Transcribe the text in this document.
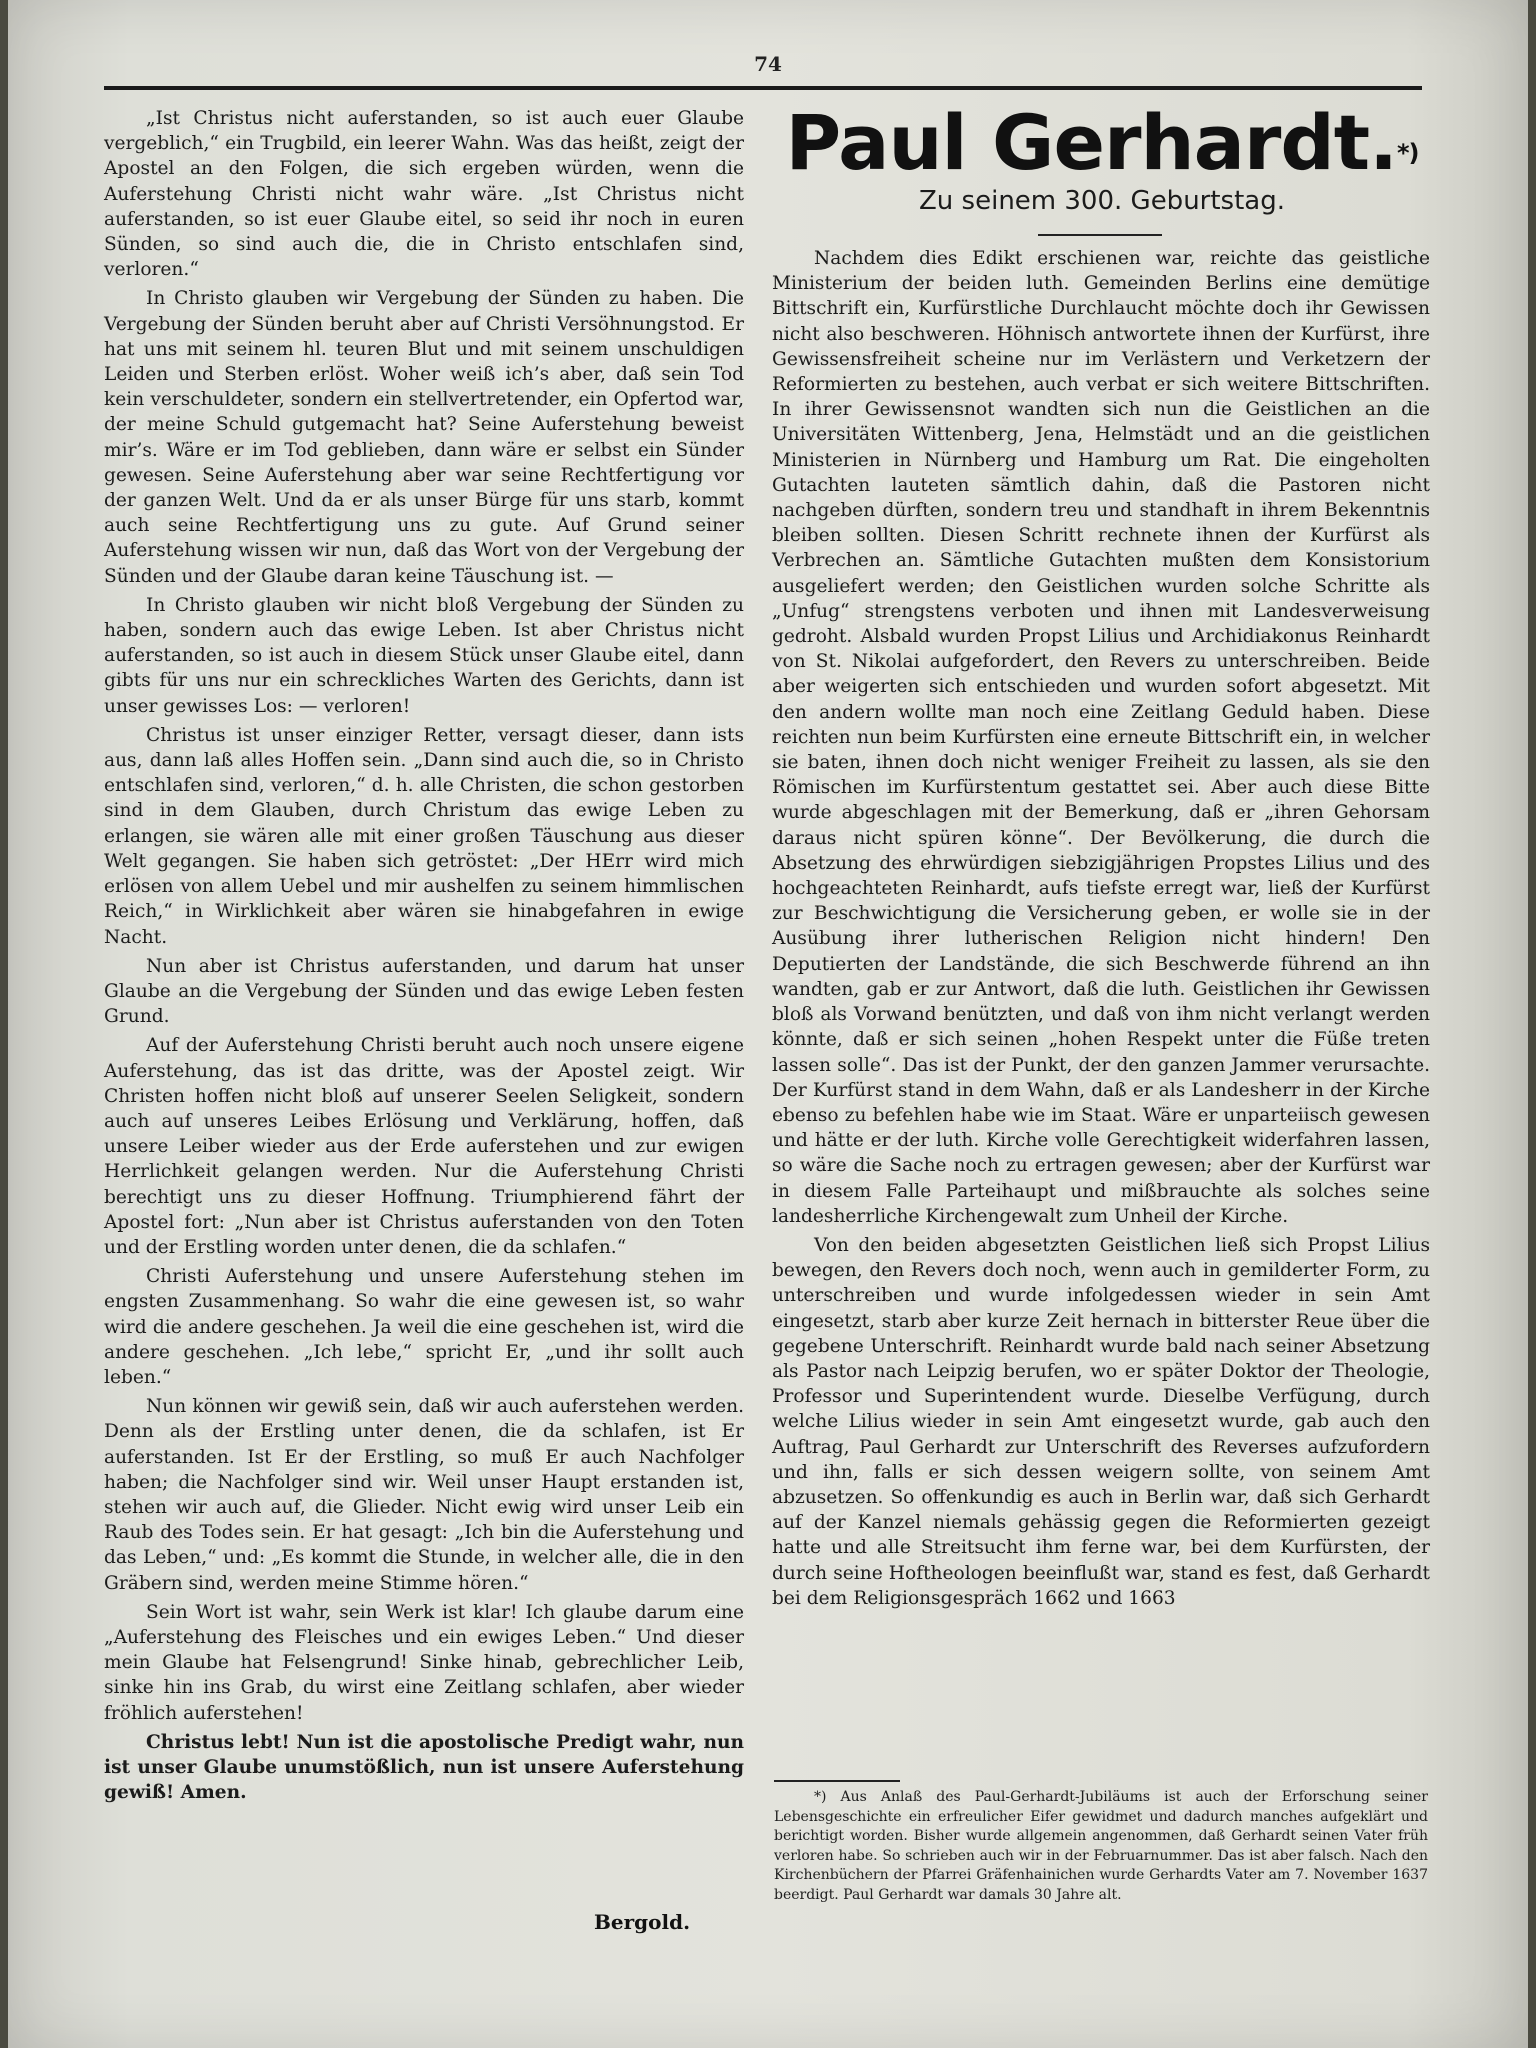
74

„Ist Christus nicht auferstanden, so ist auch euer Glaube vergeblich,“ ein Trugbild, ein leerer Wahn. Was das heißt, zeigt der Apostel an den Folgen, die sich ergeben würden, wenn die Auferstehung Christi nicht wahr wäre. „Ist Christus nicht auferstanden, so ist euer Glaube eitel, so seid ihr noch in euren Sünden, so sind auch die, die in Christo entschlafen sind, verloren.“

In Christo glauben wir Vergebung der Sünden zu haben. Die Vergebung der Sünden beruht aber auf Christi Versöhnungstod. Er hat uns mit seinem hl. teuren Blut und mit seinem unschuldigen Leiden und Sterben erlöst. Woher weiß ich’s aber, daß sein Tod kein verschuldeter, sondern ein stellvertretender, ein Opfertod war, der meine Schuld gutgemacht hat? Seine Auferstehung beweist mir’s. Wäre er im Tod geblieben, dann wäre er selbst ein Sünder gewesen. Seine Auferstehung aber war seine Rechtfertigung vor der ganzen Welt. Und da er als unser Bürge für uns starb, kommt auch seine Rechtfertigung uns zu gute. Auf Grund seiner Auferstehung wissen wir nun, daß das Wort von der Vergebung der Sünden und der Glaube daran keine Täuschung ist. —

In Christo glauben wir nicht bloß Vergebung der Sünden zu haben, sondern auch das ewige Leben. Ist aber Christus nicht auferstanden, so ist auch in diesem Stück unser Glaube eitel, dann gibts für uns nur ein schreckliches Warten des Gerichts, dann ist unser gewisses Los: — verloren!

Christus ist unser einziger Retter, versagt dieser, dann ists aus, dann laß alles Hoffen sein. „Dann sind auch die, so in Christo entschlafen sind, verloren,“ d. h. alle Christen, die schon gestorben sind in dem Glauben, durch Christum das ewige Leben zu erlangen, sie wären alle mit einer großen Täuschung aus dieser Welt gegangen. Sie haben sich getröstet: „Der HErr wird mich erlösen von allem Uebel und mir aushelfen zu seinem himmlischen Reich,“ in Wirklichkeit aber wären sie hinabgefahren in ewige Nacht.

Nun aber ist Christus auferstanden, und darum hat unser Glaube an die Vergebung der Sünden und das ewige Leben festen Grund.

Auf der Auferstehung Christi beruht auch noch unsere eigene Auferstehung, das ist das dritte, was der Apostel zeigt. Wir Christen hoffen nicht bloß auf unserer Seelen Seligkeit, sondern auch auf unseres Leibes Erlösung und Verklärung, hoffen, daß unsere Leiber wieder aus der Erde auferstehen und zur ewigen Herrlichkeit gelangen werden. Nur die Auferstehung Christi berechtigt uns zu dieser Hoffnung. Triumphierend fährt der Apostel fort: „Nun aber ist Christus auferstanden von den Toten und der Erstling worden unter denen, die da schlafen.“

Christi Auferstehung und unsere Auferstehung stehen im engsten Zusammenhang. So wahr die eine gewesen ist, so wahr wird die andere geschehen. Ja weil die eine geschehen ist, wird die andere geschehen. „Ich lebe,“ spricht Er, „und ihr sollt auch leben.“

Nun können wir gewiß sein, daß wir auch auferstehen werden. Denn als der Erstling unter denen, die da schlafen, ist Er auferstanden. Ist Er der Erstling, so muß Er auch Nachfolger haben; die Nachfolger sind wir. Weil unser Haupt erstanden ist, stehen wir auch auf, die Glieder. Nicht ewig wird unser Leib ein Raub des Todes sein. Er hat gesagt: „Ich bin die Auferstehung und das Leben,“ und: „Es kommt die Stunde, in welcher alle, die in den Gräbern sind, werden meine Stimme hören.“

Sein Wort ist wahr, sein Werk ist klar! Ich glaube darum eine „Auferstehung des Fleisches und ein ewiges Leben.“ Und dieser mein Glaube hat Felsengrund! Sinke hinab, gebrechlicher Leib, sinke hin ins Grab, du wirst eine Zeitlang schlafen, aber wieder fröhlich auferstehen!

Christus lebt! Nun ist die apostolische Predigt wahr, nun ist unser Glaube unumstößlich, nun ist unsere Auferstehung gewiß! Amen.

Bergold.
Paul Gerhardt.*)
Zu seinem 300. Geburtstag.

Nachdem dies Edikt erschienen war, reichte das geistliche Ministerium der beiden luth. Gemeinden Berlins eine demütige Bittschrift ein, Kurfürstliche Durchlaucht möchte doch ihr Gewissen nicht also beschweren. Höhnisch antwortete ihnen der Kurfürst, ihre Gewissensfreiheit scheine nur im Verlästern und Verketzern der Reformierten zu bestehen, auch verbat er sich weitere Bittschriften. In ihrer Gewissensnot wandten sich nun die Geistlichen an die Universitäten Wittenberg, Jena, Helmstädt und an die geistlichen Ministerien in Nürnberg und Hamburg um Rat. Die eingeholten Gutachten lauteten sämtlich dahin, daß die Pastoren nicht nachgeben dürften, sondern treu und standhaft in ihrem Bekenntnis bleiben sollten. Diesen Schritt rechnete ihnen der Kurfürst als Verbrechen an. Sämtliche Gutachten mußten dem Konsistorium ausgeliefert werden; den Geistlichen wurden solche Schritte als „Unfug“ strengstens verboten und ihnen mit Landesverweisung gedroht. Alsbald wurden Propst Lilius und Archidiakonus Reinhardt von St. Nikolai aufgefordert, den Revers zu unterschreiben. Beide aber weigerten sich entschieden und wurden sofort abgesetzt. Mit den andern wollte man noch eine Zeitlang Geduld haben. Diese reichten nun beim Kurfürsten eine erneute Bittschrift ein, in welcher sie baten, ihnen doch nicht weniger Freiheit zu lassen, als sie den Römischen im Kurfürstentum gestattet sei. Aber auch diese Bitte wurde abgeschlagen mit der Bemerkung, daß er „ihren Gehorsam daraus nicht spüren könne“. Der Bevölkerung, die durch die Absetzung des ehrwürdigen siebzigjährigen Propstes Lilius und des hochgeachteten Reinhardt, aufs tiefste erregt war, ließ der Kurfürst zur Beschwichtigung die Versicherung geben, er wolle sie in der Ausübung ihrer lutherischen Religion nicht hindern! Den Deputierten der Landstände, die sich Beschwerde führend an ihn wandten, gab er zur Antwort, daß die luth. Geistlichen ihr Gewissen bloß als Vorwand benützten, und daß von ihm nicht verlangt werden könnte, daß er sich seinen „hohen Respekt unter die Füße treten lassen solle“. Das ist der Punkt, der den ganzen Jammer verursachte. Der Kurfürst stand in dem Wahn, daß er als Landesherr in der Kirche ebenso zu befehlen habe wie im Staat. Wäre er unparteiisch gewesen und hätte er der luth. Kirche volle Gerechtigkeit widerfahren lassen, so wäre die Sache noch zu ertragen gewesen; aber der Kurfürst war in diesem Falle Parteihaupt und mißbrauchte als solches seine landesherrliche Kirchengewalt zum Unheil der Kirche.

Von den beiden abgesetzten Geistlichen ließ sich Propst Lilius bewegen, den Revers doch noch, wenn auch in gemilderter Form, zu unterschreiben und wurde infolgedessen wieder in sein Amt eingesetzt, starb aber kurze Zeit hernach in bitterster Reue über die gegebene Unterschrift. Reinhardt wurde bald nach seiner Absetzung als Pastor nach Leipzig berufen, wo er später Doktor der Theologie, Professor und Superintendent wurde. Dieselbe Verfügung, durch welche Lilius wieder in sein Amt eingesetzt wurde, gab auch den Auftrag, Paul Gerhardt zur Unterschrift des Reverses aufzufordern und ihn, falls er sich dessen weigern sollte, von seinem Amt abzusetzen. So offenkundig es auch in Berlin war, daß sich Gerhardt auf der Kanzel niemals gehässig gegen die Reformierten gezeigt hatte und alle Streitsucht ihm ferne war, bei dem Kurfürsten, der durch seine Hoftheologen beeinflußt war, stand es fest, daß Gerhardt bei dem Religionsgespräch 1662 und 1663

*) Aus Anlaß des Paul-Gerhardt-Jubiläums ist auch der Erforschung seiner Lebensgeschichte ein erfreulicher Eifer gewidmet und dadurch manches aufgeklärt und berichtigt worden. Bisher wurde allgemein angenommen, daß Gerhardt seinen Vater früh verloren habe. So schrieben auch wir in der Februarnummer. Das ist aber falsch. Nach den Kirchenbüchern der Pfarrei Gräfenhainichen wurde Gerhardts Vater am 7. November 1637 beerdigt. Paul Gerhardt war damals 30 Jahre alt.
